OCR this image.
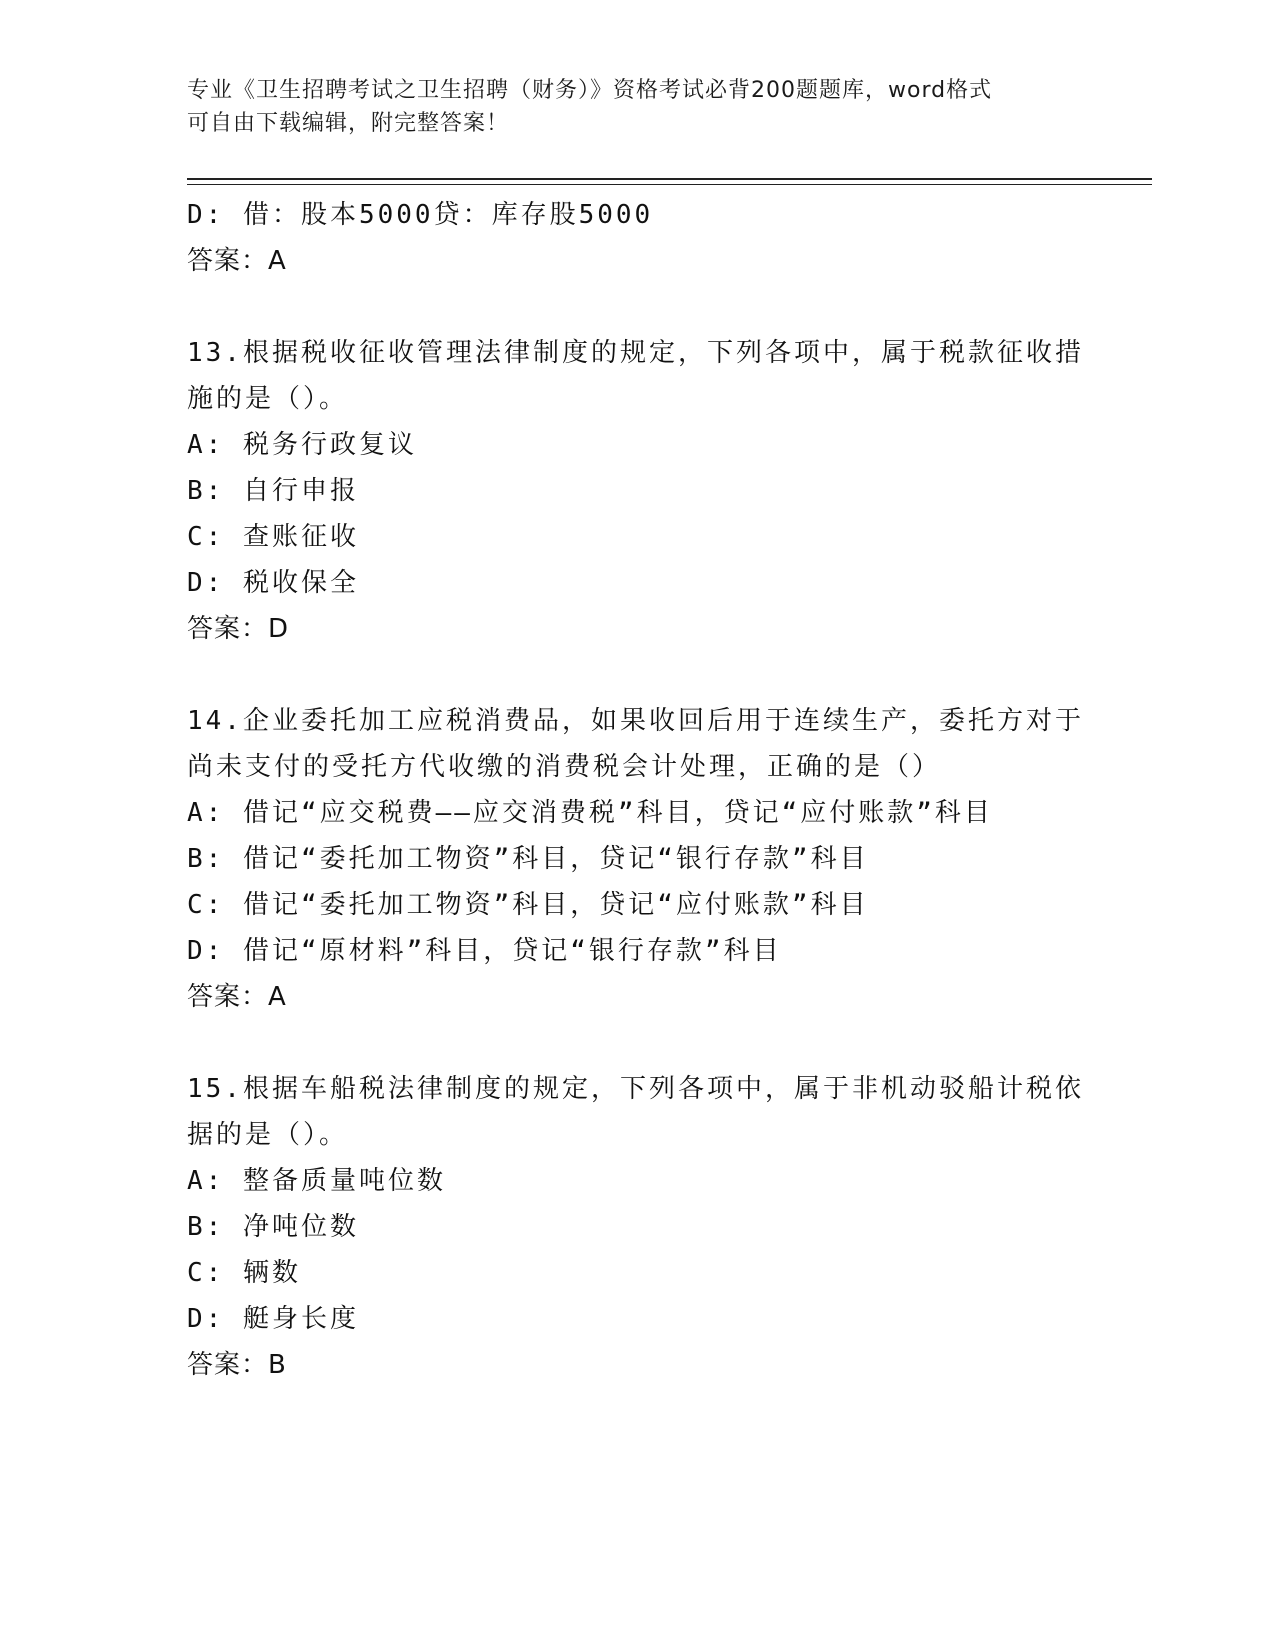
专业《卫生招聘考试之卫生招聘（财务）》资格考试必背200题题库，word格式
可自由下载编辑，附完整答案！
D: 借：股本5000贷：库存股5000
答案：A
13.根据税收征收管理法律制度的规定，下列各项中，属于税款征收措
施的是（）。
A: 税务行政复议
B: 自行申报
C: 查账征收
D: 税收保全
答案：D
14.企业委托加工应税消费品，如果收回后用于连续生产，委托方对于
尚未支付的受托方代收缴的消费税会计处理，正确的是（）
A: 借记“应交税费——应交消费税”科目，贷记“应付账款”科目
B: 借记“委托加工物资”科目，贷记“银行存款”科目
C: 借记“委托加工物资”科目，贷记“应付账款”科目
D: 借记“原材料”科目，贷记“银行存款”科目
答案：A
15.根据车船税法律制度的规定，下列各项中，属于非机动驳船计税依
据的是（）。
A: 整备质量吨位数
B: 净吨位数
C: 辆数
D: 艇身长度
答案：B
